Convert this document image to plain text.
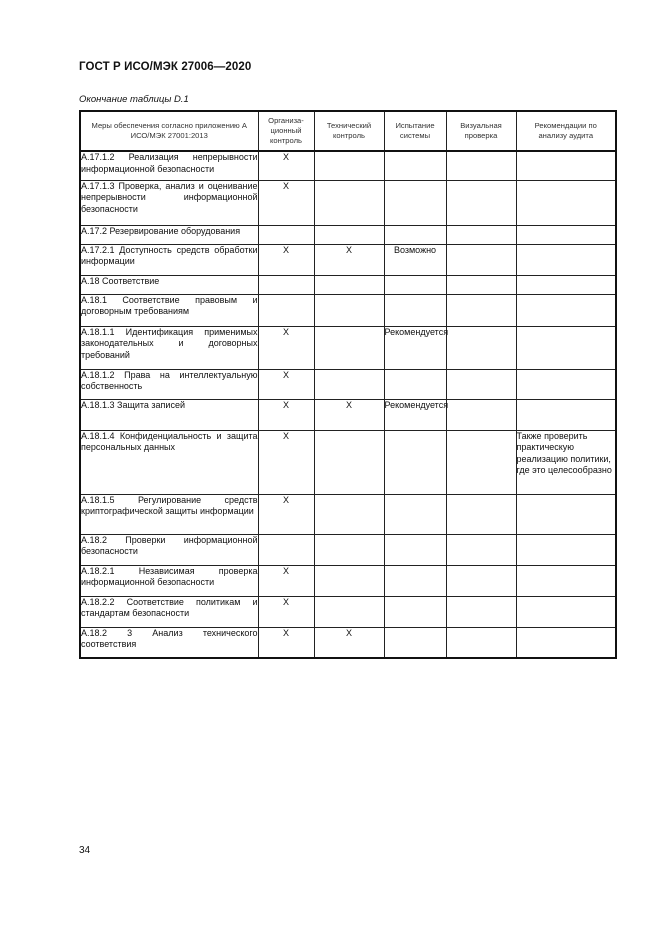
ГОСТ Р ИСО/МЭК 27006—2020
Окончание таблицы D.1
Меры обеспечения согласно приложению А ИСО/МЭК 27001:2013	Организа- ционный контроль	Технический контроль	Испытание системы	Визуальная проверка	Рекомендации по анализу аудита
А.17.1.2 Реализация непрерывности информационной безопасности	Х				
А.17.1.3 Проверка, анализ и оценивание непрерывности информационной безопасности	Х				
А.17.2 Резервирование оборудования					
А.17.2.1 Доступность средств обработки информации	Х	Х	Возможно		
А.18 Соответствие					
А.18.1 Соответствие правовым и договорным требованиям					
А.18.1.1 Идентификация применимых законодательных и договорных требований	Х		Рекомендуется		
А.18.1.2 Права на интеллектуальную собственность	Х				
А.18.1.3 Защита записей	Х	Х	Рекомендуется		
А.18.1.4 Конфиденциальность и защита персональных данных	Х				Также проверить практическую реализацию политики, где это целесообразно
А.18.1.5 Регулирование средств криптографической защиты информации	Х				
А.18.2 Проверки информационной безопасности					
А.18.2.1 Независимая проверка информационной безопасности	Х				
А.18.2.2 Соответствие политикам и стандартам безопасности	Х				
А.18.2 3 Анализ технического соответствия	Х	Х			
34
